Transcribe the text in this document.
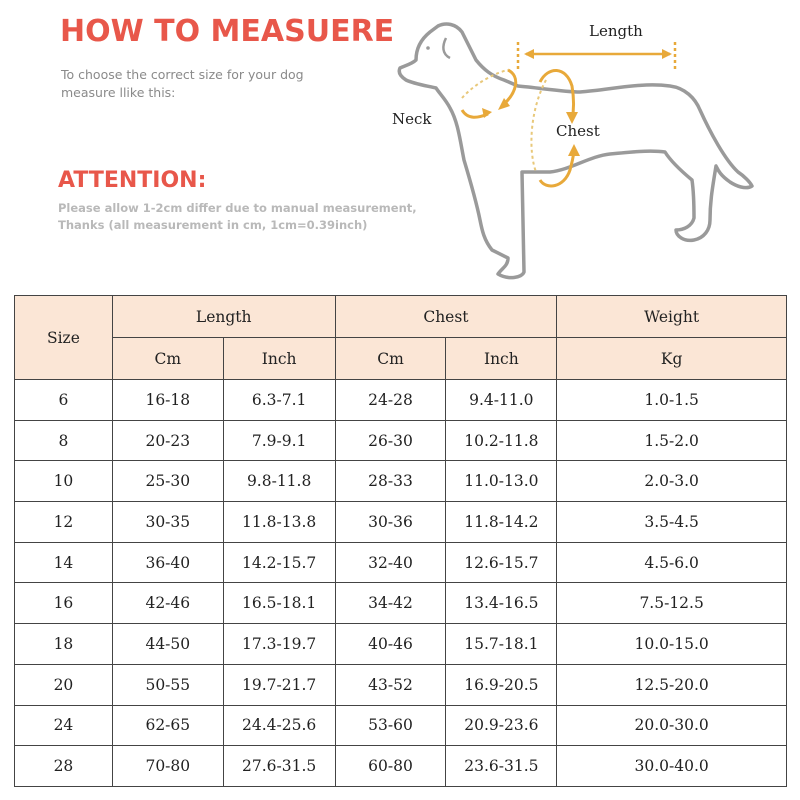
HOW TO MEASUERE
To choose the correct size for your dog measure llike this:
ATTENTION:
Please allow 1-2cm differ due to manual measurement,
Thanks (all measurement in cm, 1cm=0.39inch)
Length
Neck
Chest
Size	Length		Chest		Weight
	Cm	Inch	Cm	Inch	Kg
6	16-18	6.3-7.1	24-28	9.4-11.0	1.0-1.5
8	20-23	7.9-9.1	26-30	10.2-11.8	1.5-2.0
10	25-30	9.8-11.8	28-33	11.0-13.0	2.0-3.0
12	30-35	11.8-13.8	30-36	11.8-14.2	3.5-4.5
14	36-40	14.2-15.7	32-40	12.6-15.7	4.5-6.0
16	42-46	16.5-18.1	34-42	13.4-16.5	7.5-12.5
18	44-50	17.3-19.7	40-46	15.7-18.1	10.0-15.0
20	50-55	19.7-21.7	43-52	16.9-20.5	12.5-20.0
24	62-65	24.4-25.6	53-60	20.9-23.6	20.0-30.0
28	70-80	27.6-31.5	60-80	23.6-31.5	30.0-40.0
